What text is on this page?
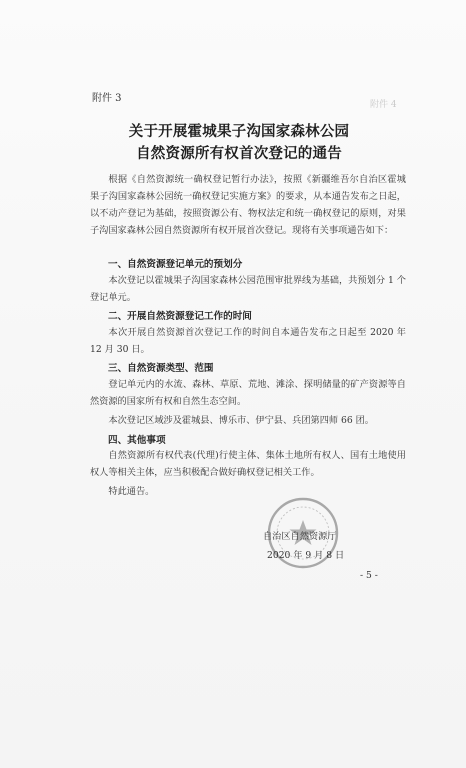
附件 4
附件 3
关于开展霍城果子沟国家森林公园
自然资源所有权首次登记的通告
根据《自然资源统一确权登记暂行办法》，按照《新疆维吾尔自治区霍城果子沟国家森林公园统一确权登记实施方案》的要求，从本通告发布之日起，以不动产登记为基础，按照资源公有、物权法定和统一确权登记的原则，对果子沟国家森林公园自然资源所有权开展首次登记。现将有关事项通告如下：
一、自然资源登记单元的预划分
本次登记以霍城果子沟国家森林公园范围审批界线为基础，共预划分 1 个登记单元。
二、开展自然资源登记工作的时间
本次开展自然资源首次登记工作的时间自本通告发布之日起至 2020 年 12 月 30 日。
三、自然资源类型、范围
登记单元内的水流、森林、草原、荒地、滩涂、探明储量的矿产资源等自然资源的国家所有权和自然生态空间。
本次登记区域涉及霍城县、博乐市、伊宁县、兵团第四师 66 团。
四、其他事项
自然资源所有权代表(代理)行使主体、集体土地所有权人、国有土地使用权人等相关主体，应当积极配合做好确权登记相关工作。
特此通告。
自治区自然资源厅
2020 年 9 月 8 日
- 5 -
